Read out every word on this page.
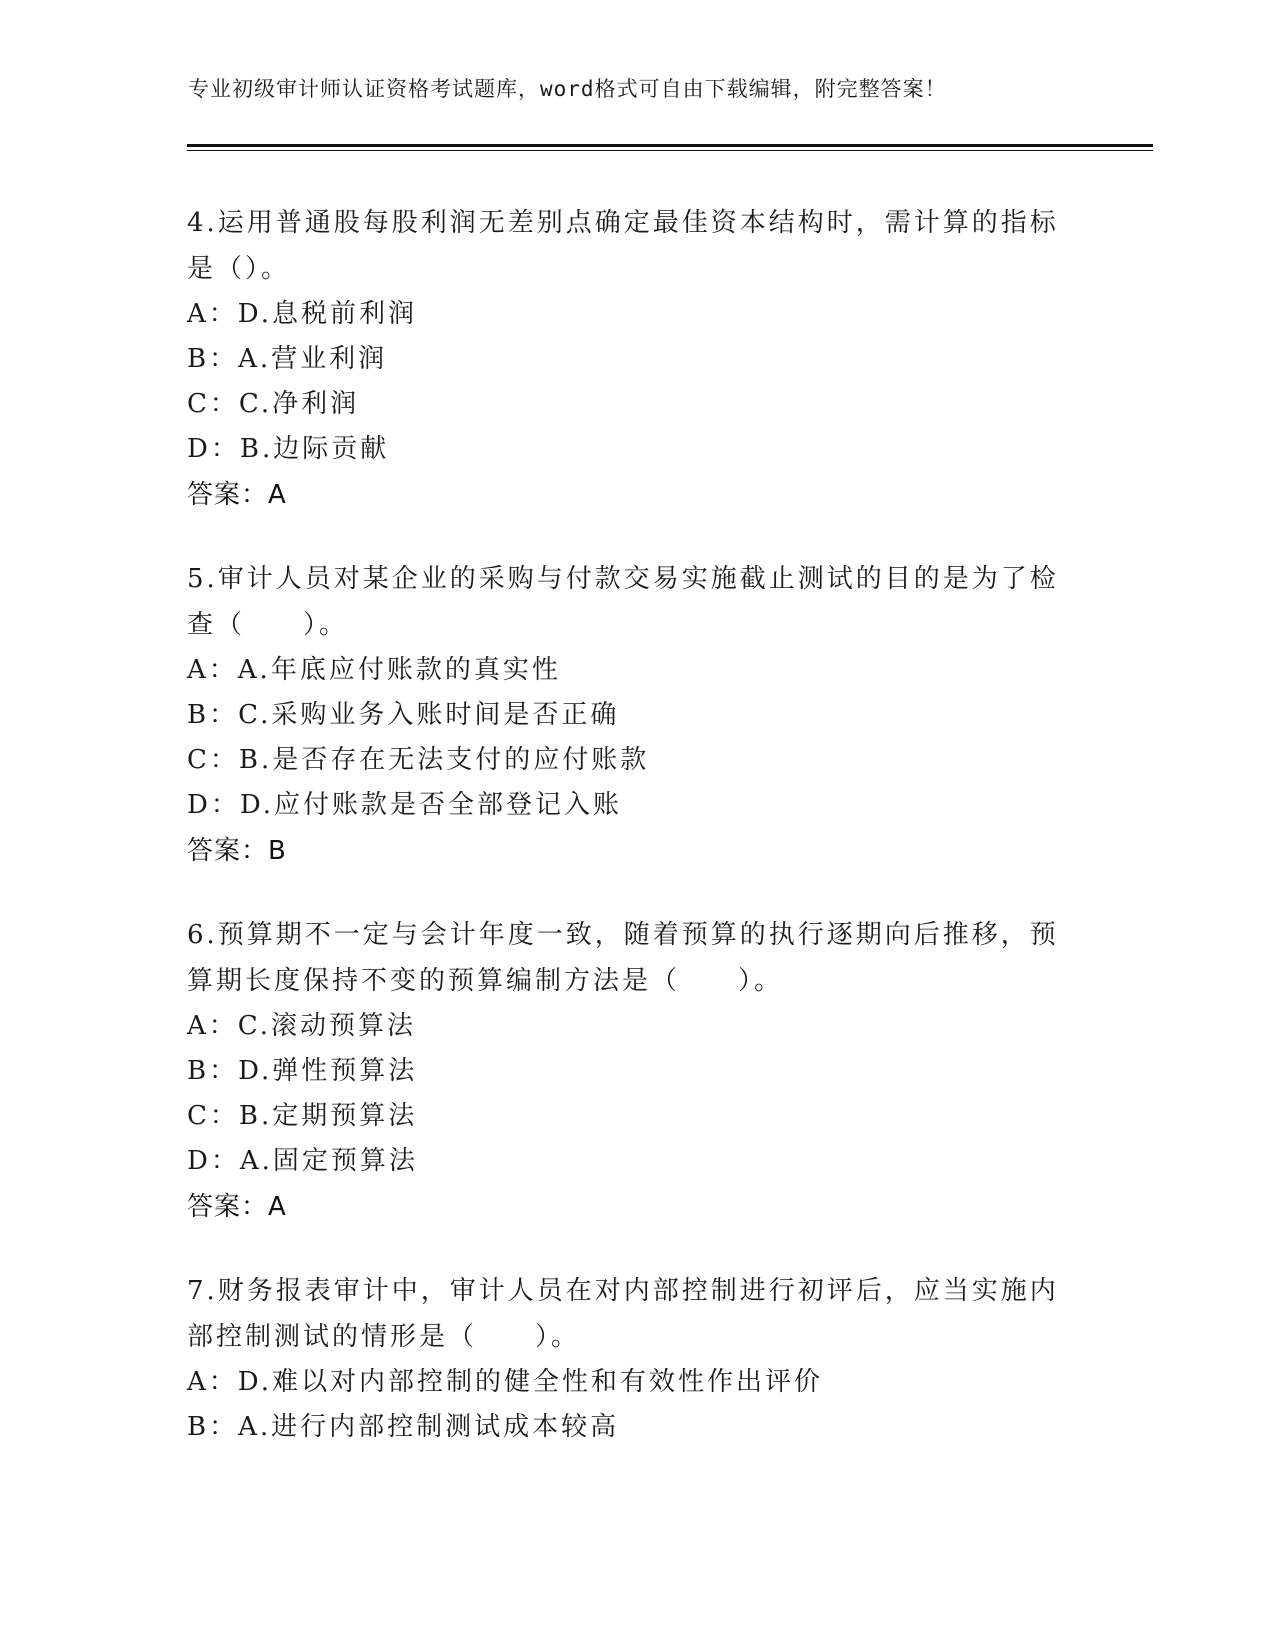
专业初级审计师认证资格考试题库，word格式可自由下载编辑，附完整答案！
4.运用普通股每股利润无差别点确定最佳资本结构时，需计算的指标是（）。
A：D.息税前利润
B：A.营业利润
C：C.净利润
D：B.边际贡献
答案：A
5.审计人员对某企业的采购与付款交易实施截止测试的目的是为了检查（　　）。
A：A.年底应付账款的真实性
B：C.采购业务入账时间是否正确
C：B.是否存在无法支付的应付账款
D：D.应付账款是否全部登记入账
答案：B
6.预算期不一定与会计年度一致，随着预算的执行逐期向后推移，预算期长度保持不变的预算编制方法是（　　）。
A：C.滚动预算法
B：D.弹性预算法
C：B.定期预算法
D：A.固定预算法
答案：A
7.财务报表审计中，审计人员在对内部控制进行初评后，应当实施内部控制测试的情形是（　　）。
A：D.难以对内部控制的健全性和有效性作出评价
B：A.进行内部控制测试成本较高
